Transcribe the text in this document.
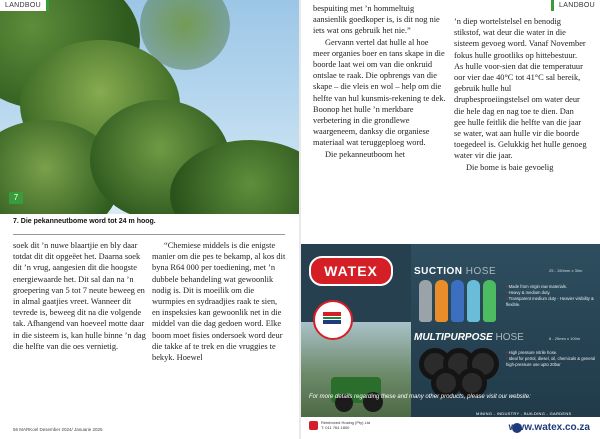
7
LANDBOU
7. Die pekanneutbome word tot 24 m hoog.

soek dit ’n nuwe blaartjie en bly daar totdat dit dit opgeëet het. Daarna soek dit ’n vrug, aangesien dit die hoogste energiewaarde het. Dit sal dan na ’n groepering van 5 tot 7 neute beweeg en in almal gaatjies vreet. Wanneer dit tevrede is, beweeg dit na die volgende tak. Afhangend van hoeveel motte daar in die sisteem is, kan hulle binne ’n dag die helfte van die oes vernietig.

“Chemiese middels is die enigste manier om die pes te bekamp, al kos dit byna R64 000 per toediening, met ’n dubbele behandeling wat gewoonlik nodig is. Dit is moeilik om die wurmpies en sydraadjies raak te sien, en inspeksies kan gewoonlik net in die middel van die dag gedoen word. Elke boom moet fisies ondersoek word deur die takke af te trek en die vruggies te bekyk. Hoewel

56 MARKoel Desember 2024/ Januarie 2025
LANDBOU

bespuiting met ’n hommeltuig aansienlik goedkoper is, is dit nog nie iets wat ons gebruik het nie.”

Gervann vertel dat hulle al hoe meer organies boer en tans skape in die boorde laat wei om van die onkruid ontslae te raak. Die opbrengs van die skape – die vleis en wol – help om die helfte van hul kunsmis-rekening te dek. Boonop het hulle ’n merkbare verbetering in die grondlewe waargeneem, danksy die organiese materiaal wat teruggeploeg word.

Die pekanneutboom het

’n diep wortelstelsel en benodig stikstof, wat deur die water in die sisteem gevoeg word. Vanaf November fokus hulle grootliks op hittebestuur. As hulle voor-sien dat die temperatuur oor vier dae 40°C tot 41°C sal bereik, gebruik hulle hul drupbesproeiingstelsel om water deur die hele dag en nag toe te dien. Dan gee hulle feitlik die helfte van die jaar se water, wat aan hulle vir die boorde toegedeel is. Gelukkig het hulle genoeg water vir die jaar.

Die bome is baie gevoelig

WATEX	SUCTION HOSE	25 - 150mm x 30m
• Made from virgin raw materials.
• Heavy & medium duty.
• Transparent medium duty - Heavier visibility & flexible.
MULTIPURPOSE HOSE	6 - 25mm x 100m
• High pressure nitrile hose.
• Ideal for petrol, diesel, oil, chemicals & general high-pressure use upto 20bar
For more details regarding these and many other products, please visit our website:
MINING - INDUSTRY - BUILDING - GARDENS
Reinforced Hosing (Pty) Ltd
T: 011 764 1800	www.watex.co.za
